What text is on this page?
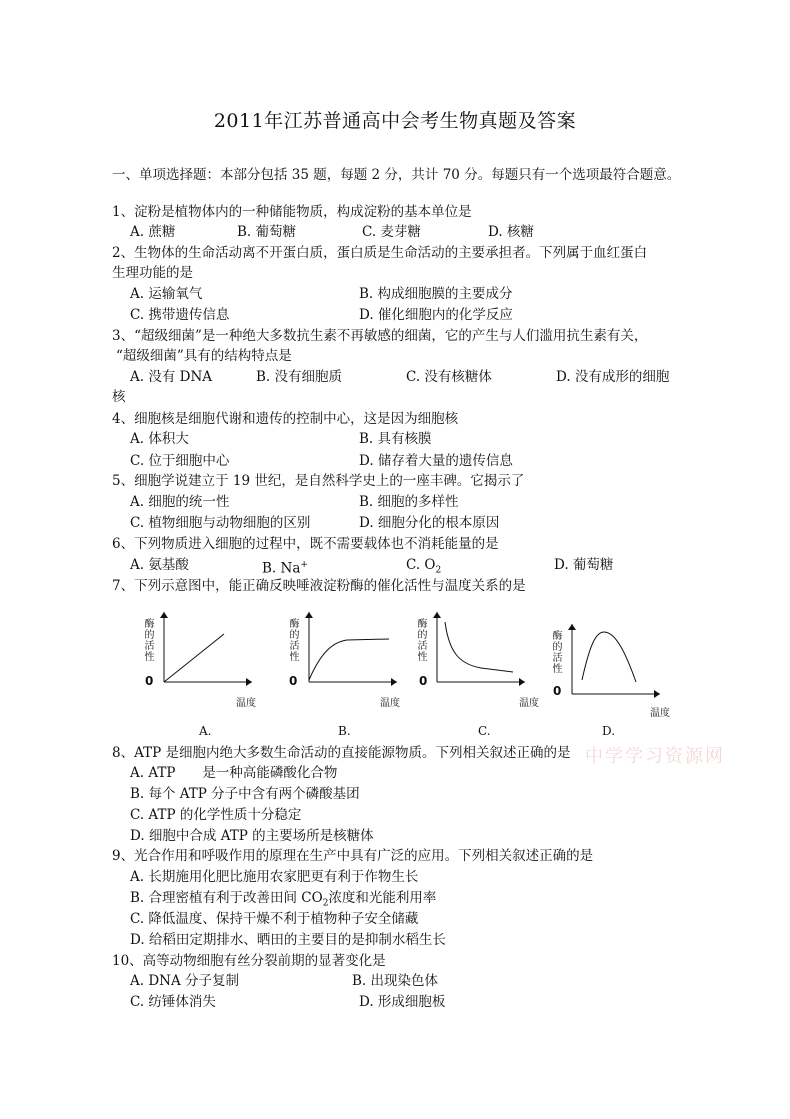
2011年江苏普通高中会考生物真题及答案
一、单项选择题：本部分包括 35 题，每题 2 分，共计 70 分。每题只有一个选项最符合题意。
1、淀粉是植物体内的一种储能物质，构成淀粉的基本单位是
A. 蔗糖	B. 葡萄糖	C. 麦芽糖	D. 核糖
2、生物体的生命活动离不开蛋白质，蛋白质是生命活动的主要承担者。下列属于血红蛋白
生理功能的是
A. 运输氧气	B. 构成细胞膜的主要成分
C. 携带遗传信息	D. 催化细胞内的化学反应
3、“超级细菌”是一种绝大多数抗生素不再敏感的细菌，它的产生与人们滥用抗生素有关，
“超级细菌”具有的结构特点是
A. 没有 DNA	B. 没有细胞质	C. 没有核糖体	D. 没有成形的细胞
核
4、细胞核是细胞代谢和遗传的控制中心，这是因为细胞核
A. 体积大	B. 具有核膜
C. 位于细胞中心	D. 储存着大量的遗传信息
5、细胞学说建立于 19 世纪，是自然科学史上的一座丰碑。它揭示了
A. 细胞的统一性	B. 细胞的多样性
C. 植物细胞与动物细胞的区别	D. 细胞分化的根本原因
6、下列物质进入细胞的过程中，既不需要载体也不消耗能量的是
A. 氨基酸	B. Na+	C. $O_2$	D. 葡萄糖
7、下列示意图中，能正确反映唾液淀粉酶的催化活性与温度关系的是
酶的活性
0
温度
A.
酶的活性
0
温度
B.
酶的活性
0
温度
C.
酶的活性
0
温度
D.
中学学习资源网
8、ATP 是细胞内绝大多数生命活动的直接能源物质。下列相关叙述正确的是
A. ATP　　是一种高能磷酸化合物
B. 每个 ATP 分子中含有两个磷酸基团
C. ATP 的化学性质十分稳定
D. 细胞中合成 ATP 的主要场所是核糖体
9、光合作用和呼吸作用的原理在生产中具有广泛的应用。下列相关叙述正确的是
A. 长期施用化肥比施用农家肥更有利于作物生长
B. 合理密植有利于改善田间 $CO_2$浓度和光能利用率
C. 降低温度、保持干燥不利于植物种子安全储藏
D. 给稻田定期排水、晒田的主要目的是抑制水稻生长
10、高等动物细胞有丝分裂前期的显著变化是
A. DNA 分子复制	B. 出现染色体
C. 纺锤体消失	D. 形成细胞板
